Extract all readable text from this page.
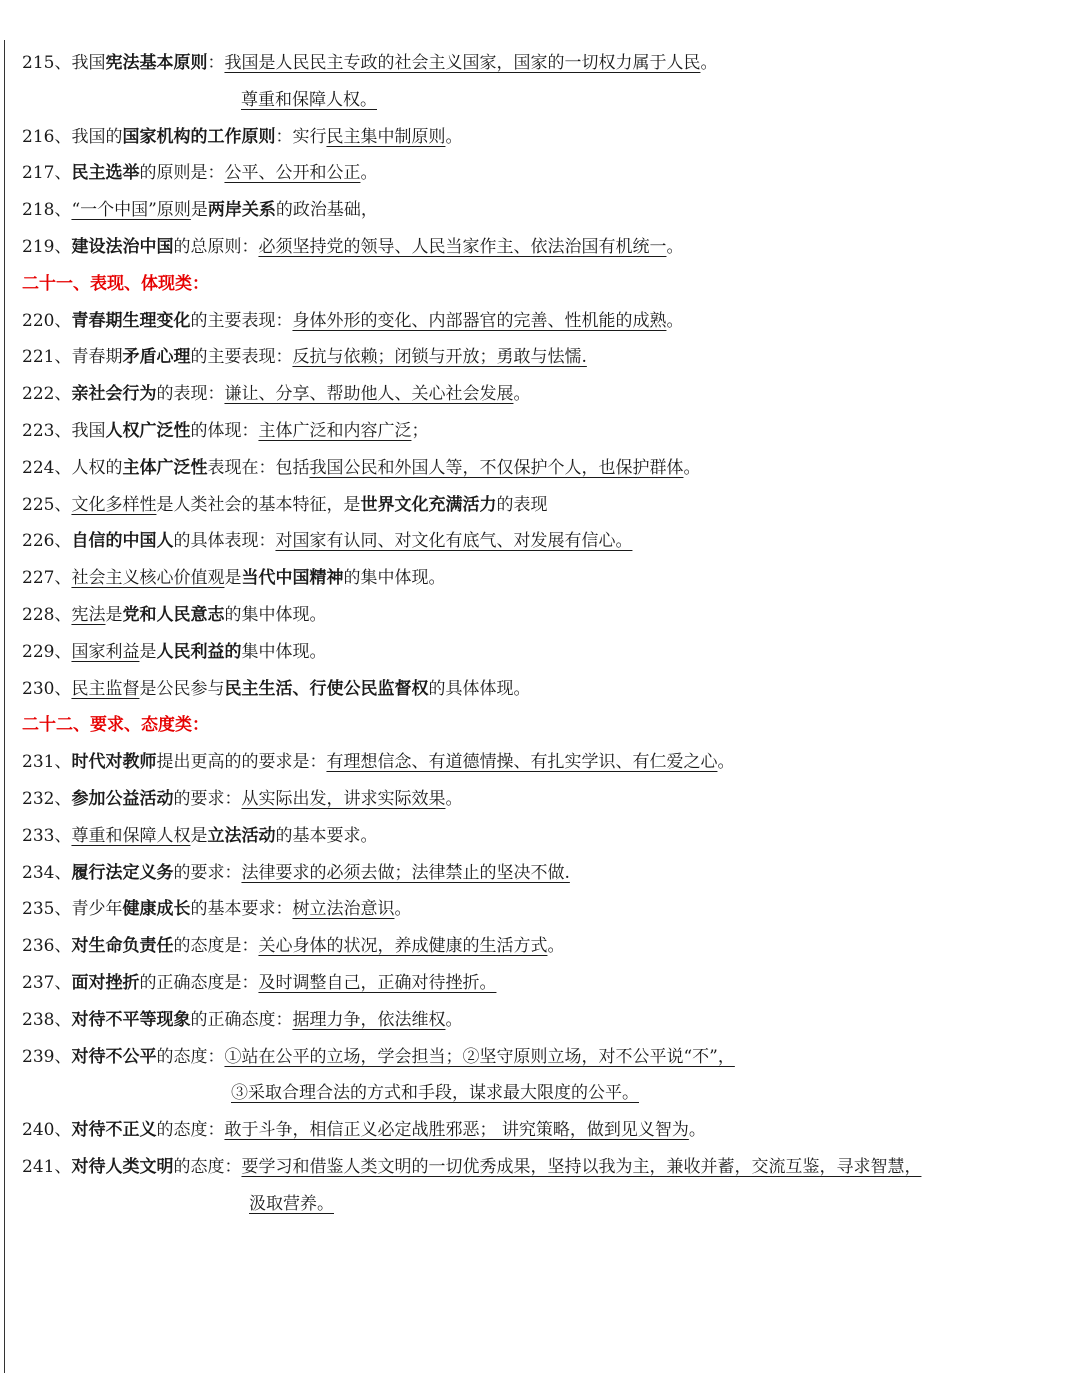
215、我国宪法基本原则：我国是人民民主专政的社会主义国家，国家的一切权力属于人民。
尊重和保障人权。
216、我国的国家机构的工作原则：实行民主集中制原则。
217、民主选举的原则是：公平、公开和公正。
218、“一个中国”原则是两岸关系的政治基础，
219、建设法治中国的总原则：必须坚持党的领导、人民当家作主、依法治国有机统一。
二十一、表现、体现类：
220、青春期生理变化的主要表现：身体外形的变化、内部器官的完善、性机能的成熟。
221、青春期矛盾心理的主要表现：反抗与依赖；闭锁与开放；勇敢与怯懦.
222、亲社会行为的表现：谦让、分享、帮助他人、关心社会发展。
223、我国人权广泛性的体现：主体广泛和内容广泛；
224、人权的主体广泛性表现在：包括我国公民和外国人等，不仅保护个人，也保护群体。
225、文化多样性是人类社会的基本特征，是世界文化充满活力的表现
226、自信的中国人的具体表现：对国家有认同、对文化有底气、对发展有信心。
227、社会主义核心价值观是当代中国精神的集中体现。
228、宪法是党和人民意志的集中体现。
229、国家利益是人民利益的集中体现。
230、民主监督是公民参与民主生活、行使公民监督权的具体体现。
二十二、要求、态度类：
231、时代对教师提出更高的的要求是：有理想信念、有道德情操、有扎实学识、有仁爱之心。
232、参加公益活动的要求：从实际出发，讲求实际效果。
233、尊重和保障人权是立法活动的基本要求。
234、履行法定义务的要求：法律要求的必须去做；法律禁止的坚决不做.
235、青少年健康成长的基本要求：树立法治意识。
236、对生命负责任的态度是：关心身体的状况，养成健康的生活方式。
237、面对挫折的正确态度是：及时调整自己，正确对待挫折。
238、对待不平等现象的正确态度：据理力争，依法维权。
239、对待不公平的态度：①站在公平的立场，学会担当；②坚守原则立场，对不公平说“不”，
③采取合理合法的方式和手段，谋求最大限度的公平。
240、对待不正义的态度：敢于斗争，相信正义必定战胜邪恶； 讲究策略，做到见义智为。
241、对待人类文明的态度：要学习和借鉴人类文明的一切优秀成果，坚持以我为主，兼收并蓄，交流互鉴，寻求智慧，
汲取营养。
